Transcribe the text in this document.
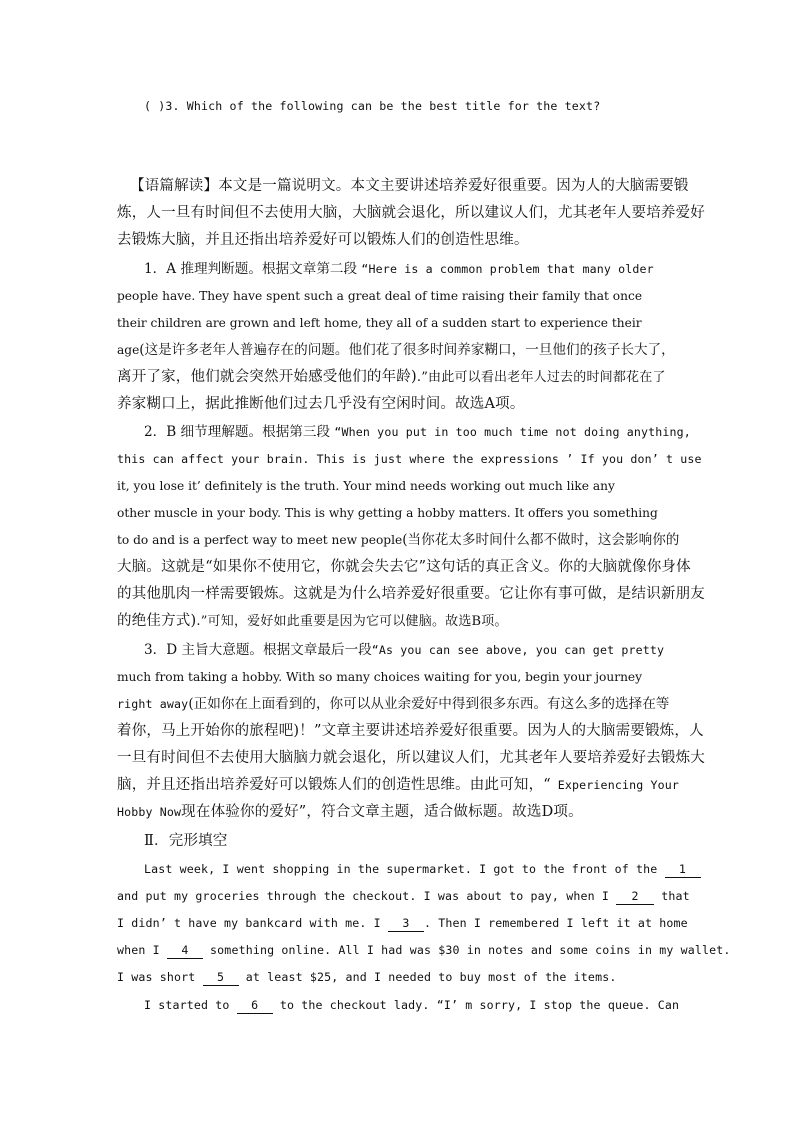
( )3. Which of the following can be the best title for the text?
【语篇解读】本文是一篇说明文。本文主要讲述培养爱好很重要。因为人的大脑需要锻
炼，人一旦有时间但不去使用大脑，大脑就会退化，所以建议人们，尤其老年人要培养爱好
去锻炼大脑，并且还指出培养爱好可以锻炼人们的创造性思维。
1．A 推理判断题。根据文章第二段 “Here is a common problem that many older
people have. They have spent such a great deal of time raising their family that once
their children are grown and left home, they all of a sudden start to experience their
age(这是许多老年人普遍存在的问题。他们花了很多时间养家糊口，一旦他们的孩子长大了，
离开了家，他们就会突然开始感受他们的年龄).”由此可以看出老年人过去的时间都花在了
养家糊口上，据此推断他们过去几乎没有空闲时间。故选A项。
2．B 细节理解题。根据第三段 “When you put in too much time not doing anything,
this can affect your brain. This is just where the expressions ’ If you don’ t use
it, you lose it’ definitely is the truth. Your mind needs working out much like any
other muscle in your body. This is why getting a hobby matters. It offers you something
to do and is a perfect way to meet new people(当你花太多时间什么都不做时，这会影响你的
大脑。这就是“如果你不使用它，你就会失去它”这句话的真正含义。你的大脑就像你身体
的其他肌肉一样需要锻炼。这就是为什么培养爱好很重要。它让你有事可做，是结识新朋友
的绝佳方式).”可知，爱好如此重要是因为它可以健脑。故选B项。
3．D 主旨大意题。根据文章最后一段“As you can see above, you can get pretty
much from taking a hobby. With so many choices waiting for you, begin your journey
right away(正如你在上面看到的，你可以从业余爱好中得到很多东西。有这么多的选择在等
着你，马上开始你的旅程吧)！”文章主要讲述培养爱好很重要。因为人的大脑需要锻炼，人
一旦有时间但不去使用大脑脑力就会退化，所以建议人们，尤其老年人要培养爱好去锻炼大
脑，并且还指出培养爱好可以锻炼人们的创造性思维。由此可知，“ Experiencing Your
Hobby Now现在体验你的爱好”，符合文章主题，适合做标题。故选D项。
Ⅱ．完形填空
Last week, I went shopping in the supermarket. I got to the front of the 1
and put my groceries through the checkout. I was about to pay, when I 2 that
I didn’ t have my bankcard with me. I 3 . Then I remembered I left it at home
when I 4 something online. All I had was $30 in notes and some coins in my wallet.
I was short 5 at least $25, and I needed to buy most of the items.
I started to 6 to the checkout lady. “I’ m sorry, I stop the queue. Can
